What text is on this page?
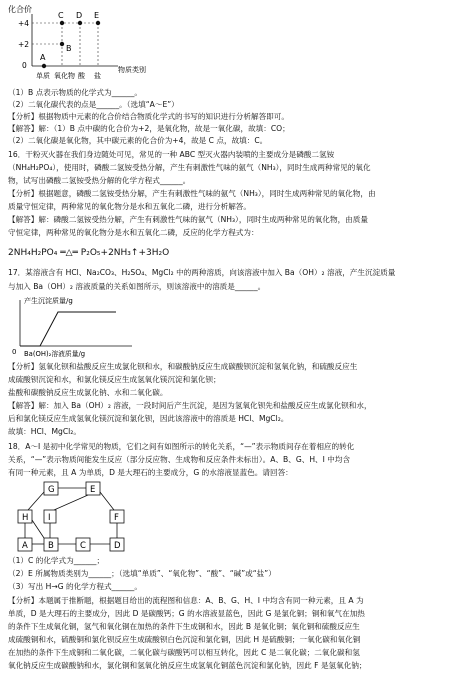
化合价
+4
+2
0
A
B
C D E
单质 氧化物 酸 盐
物质类别
（1）B 点表示物质的化学式为______。
（2）二氧化碳代表的点是______。（选填“A～E”）
【分析】根据物质中元素的化合价结合物质化学式的书写的知识进行分析解答即可。
【解答】解：（1）B 点中碳的化合价为+2，是氧化物，故是一氧化碳，故填：CO；
（2）二氧化碳是氧化物，其中碳元素的化合价为+4，故是 C 点，故填：C。
16．干粉灭火器在我们身边随处可见，常见的一种 ABC 型灭火器内装喷的主要成分是磷酸二氢铵
（NH₄H₂PO₄），使用时，磷酸二氢铵受热分解，产生有刺激性气味的氨气（NH₃），同时生成两种常见的氧化
物，试写出磷酸二氢铵受热分解的化学方程式______。
【分析】根据题意，磷酸二氢铵受热分解，产生有刺激性气味的氨气（NH₃），同时生成两种常见的氧化物，由
质量守恒定律，两种常见的氧化物分是水和五氧化二磷，进行分析解答。
【解答】解：磷酸二氢铵受热分解，产生有刺激性气味的氨气（NH₃），同时生成两种常见的氧化物，由质量
守恒定律，两种常见的氧化物分是水和五氧化二磷，反应的化学方程式为：
2NH₄H₂PO₄ ═△═ P₂O₅+2NH₃↑+3H₂O
17．某溶液含有 HCl、Na₂CO₃、H₂SO₄、MgCl₂ 中的两种溶质，向该溶液中加入 Ba（OH）₂ 溶液，产生沉淀质量
与加入 Ba（OH）₂ 溶液质量的关系如图所示，则该溶液中的溶质是______。
产生沉淀质量/g
0 Ba(OH)₂溶液质量/g
【分析】氢氧化钡和盐酸反应生成氯化钡和水，和碳酸钠反应生成碳酸钡沉淀和氢氧化钠，和硫酸反应生
成硫酸钡沉淀和水，和氯化镁反应生成氢氧化镁沉淀和氯化钡；
盐酸和碳酸钠反应生成氯化钠、水和二氧化碳。
【解答】解：加入 Ba（OH）₂ 溶液，一段时间后产生沉淀，是因为氢氧化钡先和盐酸反应生成氯化钡和水，
后和氯化镁反应生成氢氧化镁沉淀和氯化钡，因此该溶液中的溶质是 HCl、MgCl₂。
故填：HCl、MgCl₂。
18．A～I 是初中化学常见的物质，它们之间有如图所示的转化关系，“—”表示物质间存在着相应的转化
关系，“—”表示物质间能发生反应（部分反应物、生成物和反应条件未标出）。A、B、G、H、I 中均含
有同一种元素，且 A 为单质，D 是大理石的主要成分，G 的水溶液显蓝色。请回答：
G	E
H	F
I
A B	C	D
（1）C 的化学式为______；
（2）E 所属物质类别为______；（选填“单质”、“氧化物”、“酸”、“碱”或“盐”）
（3）写出 H→G 的化学方程式______。
【分析】本题属于推断题，根据题目给出的流程图和信息：A、B、G、H、I 中均含有同一种元素，且 A 为
单质，D 是大理石的主要成分，因此 D 是碳酸钙；G 的水溶液显蓝色，因此 G 是氯化铜；铜和氧气在加热
的条件下生成氧化铜，氢气和氧化铜在加热的条件下生成铜和水，因此 B 是氧化铜；氧化铜和硫酸反应生
成硫酸铜和水，硫酸铜和氯化钡反应生成硫酸钡白色沉淀和氯化铜，因此 H 是硫酸铜；一氧化碳和氧化铜
在加热的条件下生成铜和二氧化碳，二氧化碳与碳酸钙可以相互转化，因此 C 是二氧化碳；二氧化碳和氢
氧化钠反应生成碳酸钠和水，氯化铜和氢氧化钠反应生成氢氧化铜蓝色沉淀和氯化钠，因此 F 是氢氧化钠；
